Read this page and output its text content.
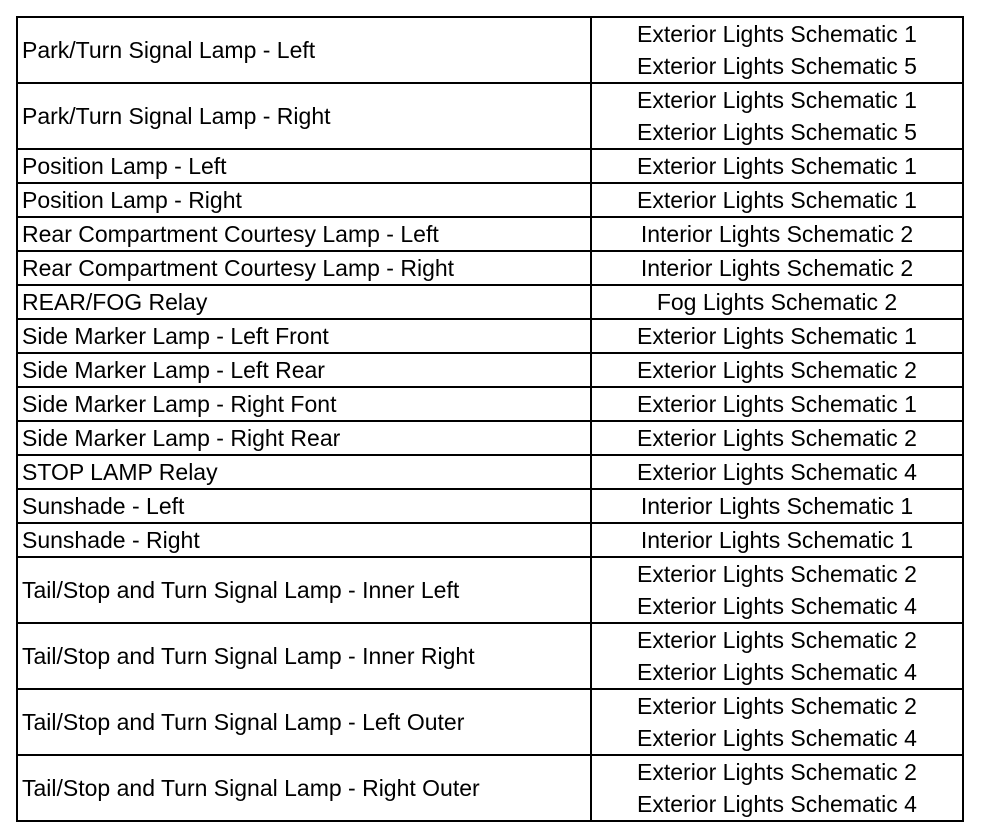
Park/Turn Signal Lamp - Left	Exterior Lights Schematic 1
Exterior Lights Schematic 5

Park/Turn Signal Lamp - Right	Exterior Lights Schematic 1
Exterior Lights Schematic 5

Position Lamp - Left	Exterior Lights Schematic 1

Position Lamp - Right	Exterior Lights Schematic 1

Rear Compartment Courtesy Lamp - Left	Interior Lights Schematic 2

Rear Compartment Courtesy Lamp - Right	Interior Lights Schematic 2

REAR/FOG Relay	Fog Lights Schematic 2

Side Marker Lamp - Left Front	Exterior Lights Schematic 1

Side Marker Lamp - Left Rear	Exterior Lights Schematic 2

Side Marker Lamp - Right Font	Exterior Lights Schematic 1

Side Marker Lamp - Right Rear	Exterior Lights Schematic 2

STOP LAMP Relay	Exterior Lights Schematic 4

Sunshade - Left	Interior Lights Schematic 1

Sunshade - Right	Interior Lights Schematic 1

Tail/Stop and Turn Signal Lamp - Inner Left	Exterior Lights Schematic 2
Exterior Lights Schematic 4

Tail/Stop and Turn Signal Lamp - Inner Right	Exterior Lights Schematic 2
Exterior Lights Schematic 4

Tail/Stop and Turn Signal Lamp - Left Outer	Exterior Lights Schematic 2
Exterior Lights Schematic 4

Tail/Stop and Turn Signal Lamp - Right Outer	Exterior Lights Schematic 2
Exterior Lights Schematic 4
